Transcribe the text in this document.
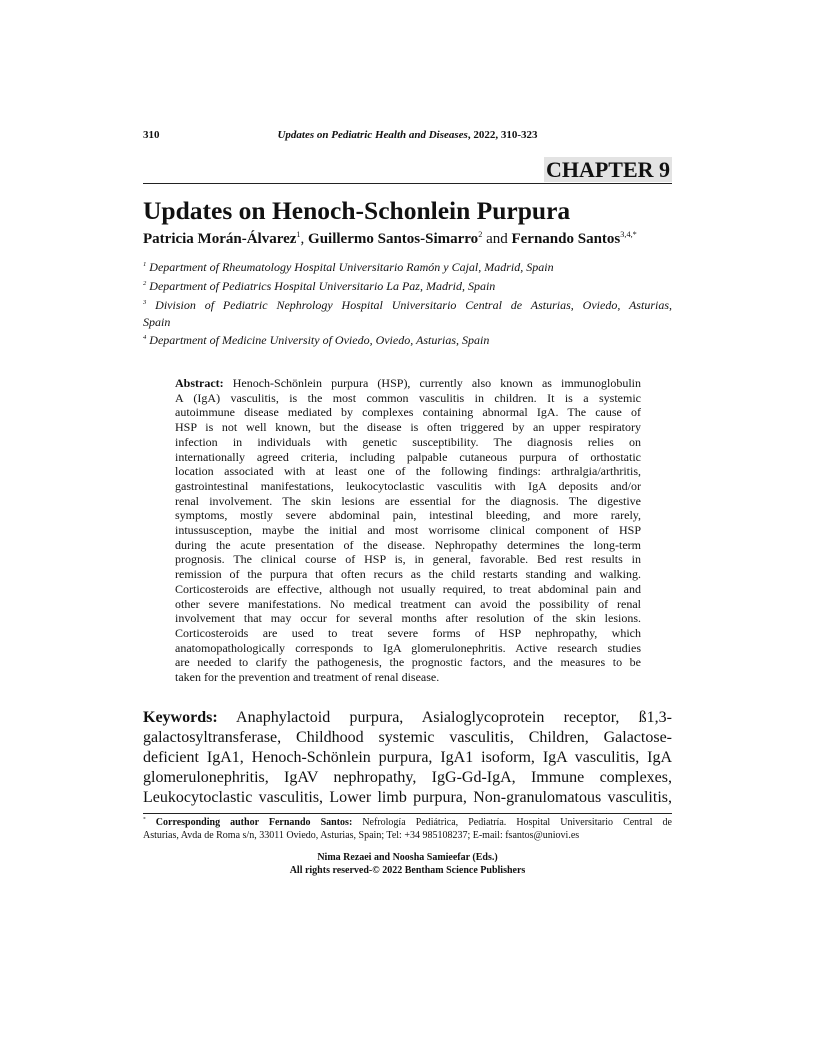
310	Updates on Pediatric Health and Diseases, 2022, 310-323
CHAPTER 9
Updates on Henoch-Schonlein Purpura
Patricia Morán-Álvarez$^1$, Guillermo Santos-Simarro$^2$ and Fernando Santos$^{3,4,*}$
$^1$ Department of Rheumatology Hospital Universitario Ramón y Cajal, Madrid, Spain
$^2$ Department of Pediatrics Hospital Universitario La Paz, Madrid, Spain
$^3$ Division of Pediatric Nephrology Hospital Universitario Central de Asturias, Oviedo, Asturias,
Spain
$^4$ Department of Medicine University of Oviedo, Oviedo, Asturias, Spain
Abstract: Henoch-Schönlein purpura (HSP), currently also known as immunoglobulin
A (IgA) vasculitis, is the most common vasculitis in children. It is a systemic
autoimmune disease mediated by complexes containing abnormal IgA. The cause of
HSP is not well known, but the disease is often triggered by an upper respiratory
infection in individuals with genetic susceptibility. The diagnosis relies on
internationally agreed criteria, including palpable cutaneous purpura of orthostatic
location associated with at least one of the following findings: arthralgia/arthritis,
gastrointestinal manifestations, leukocytoclastic vasculitis with IgA deposits and/or
renal involvement. The skin lesions are essential for the diagnosis. The digestive
symptoms, mostly severe abdominal pain, intestinal bleeding, and more rarely,
intussusception, maybe the initial and most worrisome clinical component of HSP
during the acute presentation of the disease. Nephropathy determines the long-term
prognosis. The clinical course of HSP is, in general, favorable. Bed rest results in
remission of the purpura that often recurs as the child restarts standing and walking.
Corticosteroids are effective, although not usually required, to treat abdominal pain and
other severe manifestations. No medical treatment can avoid the possibility of renal
involvement that may occur for several months after resolution of the skin lesions.
Corticosteroids are used to treat severe forms of HSP nephropathy, which
anatomopathologically corresponds to IgA glomerulonephritis. Active research studies
are needed to clarify the pathogenesis, the prognostic factors, and the measures to be
taken for the prevention and treatment of renal disease.
Keywords: Anaphylactoid purpura, Asialoglycoprotein receptor, ß1,3-
galactosyltransferase, Childhood systemic vasculitis, Children, Galactose-
deficient IgA1, Henoch-Schönlein purpura, IgA1 isoform, IgA vasculitis, IgA
glomerulonephritis, IgAV nephropathy, IgG-Gd-IgA, Immune complexes,
Leukocytoclastic vasculitis, Lower limb purpura, Non-granulomatous vasculitis,
* Corresponding author Fernando Santos: Nefrología Pediátrica, Pediatría. Hospital Universitario Central de
Asturias, Avda de Roma s/n, 33011 Oviedo, Asturias, Spain; Tel: +34 985108237; E-mail: fsantos@uniovi.es
Nima Rezaei and Noosha Samieefar (Eds.)
All rights reserved-© 2022 Bentham Science Publishers
